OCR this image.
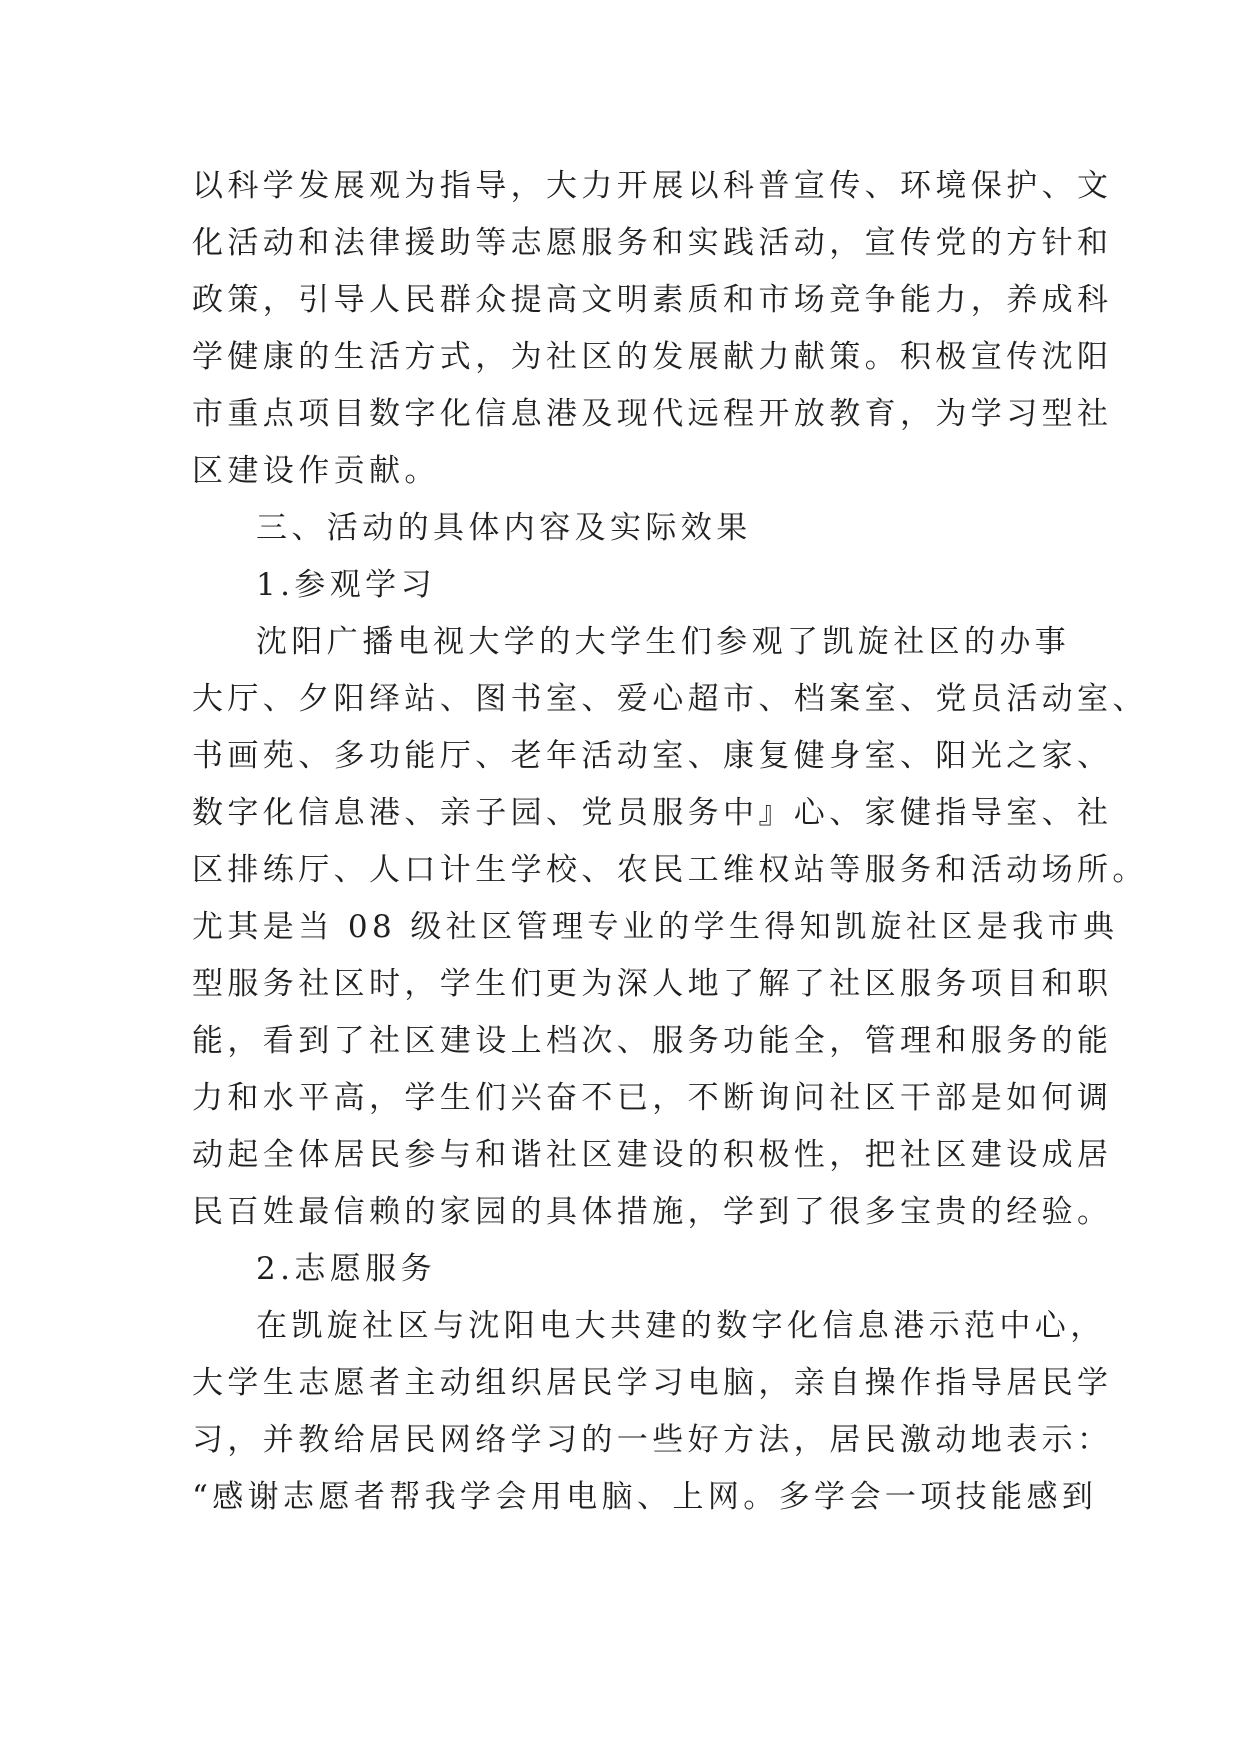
以科学发展观为指导，大力开展以科普宣传、环境保护、文
化活动和法律援助等志愿服务和实践活动，宣传党的方针和
政策，引导人民群众提高文明素质和市场竞争能力，养成科
学健康的生活方式，为社区的发展献力献策。积极宣传沈阳
市重点项目数字化信息港及现代远程开放教育，为学习型社
区建设作贡献。
三、活动的具体内容及实际效果
1.参观学习
沈阳广播电视大学的大学生们参观了凯旋社区的办事
大厅、夕阳绎站、图书室、爱心超市、档案室、党员活动室、
书画苑、多功能厅、老年活动室、康复健身室、阳光之家、
数字化信息港、亲子园、党员服务中』心、家健指导室、社
区排练厅、人口计生学校、农民工维权站等服务和活动场所。
尤其是当 08 级社区管理专业的学生得知凯旋社区是我市典
型服务社区时，学生们更为深人地了解了社区服务项目和职
能，看到了社区建设上档次、服务功能全，管理和服务的能
力和水平高，学生们兴奋不已，不断询问社区干部是如何调
动起全体居民参与和谐社区建设的积极性，把社区建设成居
民百姓最信赖的家园的具体措施，学到了很多宝贵的经验。
2.志愿服务
在凯旋社区与沈阳电大共建的数字化信息港示范中心，
大学生志愿者主动组织居民学习电脑，亲自操作指导居民学
习，并教给居民网络学习的一些好方法，居民激动地表示：
“感谢志愿者帮我学会用电脑、上网。多学会一项技能感到
